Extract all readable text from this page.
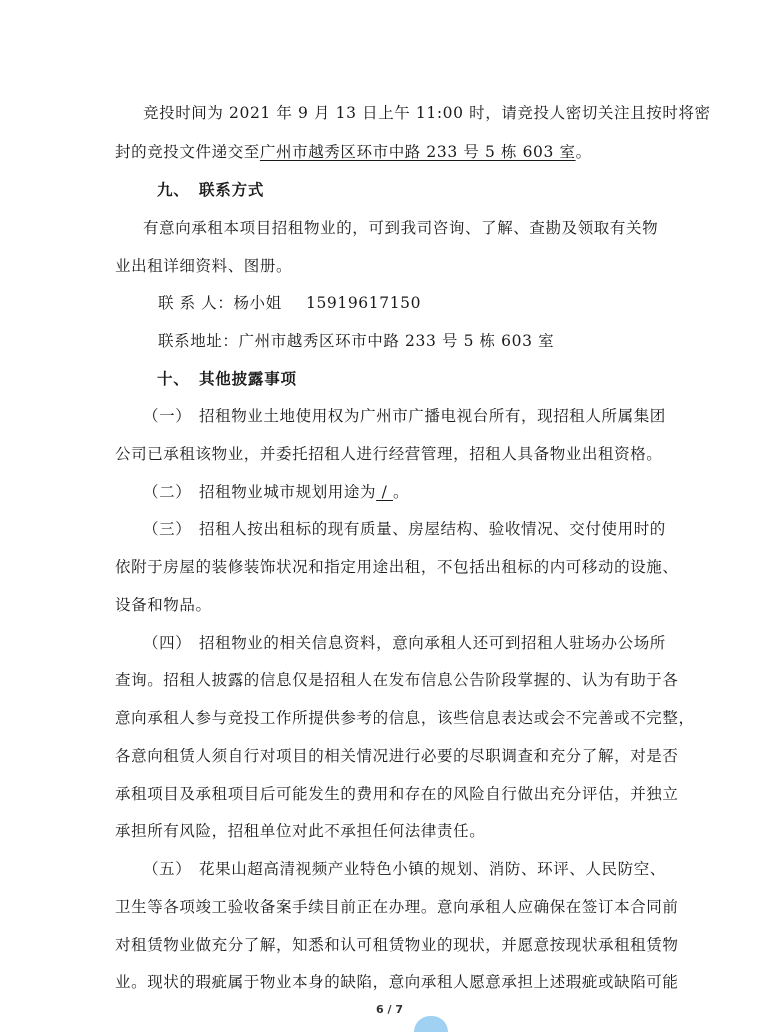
竞投时间为 2021 年 9 月 13 日上午 11:00 时，请竞投人密切关注且按时将密
封的竞投文件递交至广州市越秀区环市中路 233 号 5 栋 603 室。
九、 联系方式
有意向承租本项目招租物业的，可到我司咨询、了解、查勘及领取有关物
业出租详细资料、图册。
联 系 人：杨小姐 15919617150
联系地址：广州市越秀区环市中路 233 号 5 栋 603 室
十、 其他披露事项
（一） 招租物业土地使用权为广州市广播电视台所有，现招租人所属集团
公司已承租该物业，并委托招租人进行经营管理，招租人具备物业出租资格。
（二） 招租物业城市规划用途为 / 。
（三） 招租人按出租标的现有质量、房屋结构、验收情况、交付使用时的
依附于房屋的装修装饰状况和指定用途出租，不包括出租标的内可移动的设施、
设备和物品。
（四） 招租物业的相关信息资料，意向承租人还可到招租人驻场办公场所
查询。招租人披露的信息仅是招租人在发布信息公告阶段掌握的、认为有助于各
意向承租人参与竞投工作所提供参考的信息，该些信息表达或会不完善或不完整，
各意向租赁人须自行对项目的相关情况进行必要的尽职调查和充分了解，对是否
承租项目及承租项目后可能发生的费用和存在的风险自行做出充分评估，并独立
承担所有风险，招租单位对此不承担任何法律责任。
（五） 花果山超高清视频产业特色小镇的规划、消防、环评、人民防空、
卫生等各项竣工验收备案手续目前正在办理。意向承租人应确保在签订本合同前
对租赁物业做充分了解，知悉和认可租赁物业的现状，并愿意按现状承租租赁物
业。现状的瑕疵属于物业本身的缺陷，意向承租人愿意承担上述瑕疵或缺陷可能
6 / 7
